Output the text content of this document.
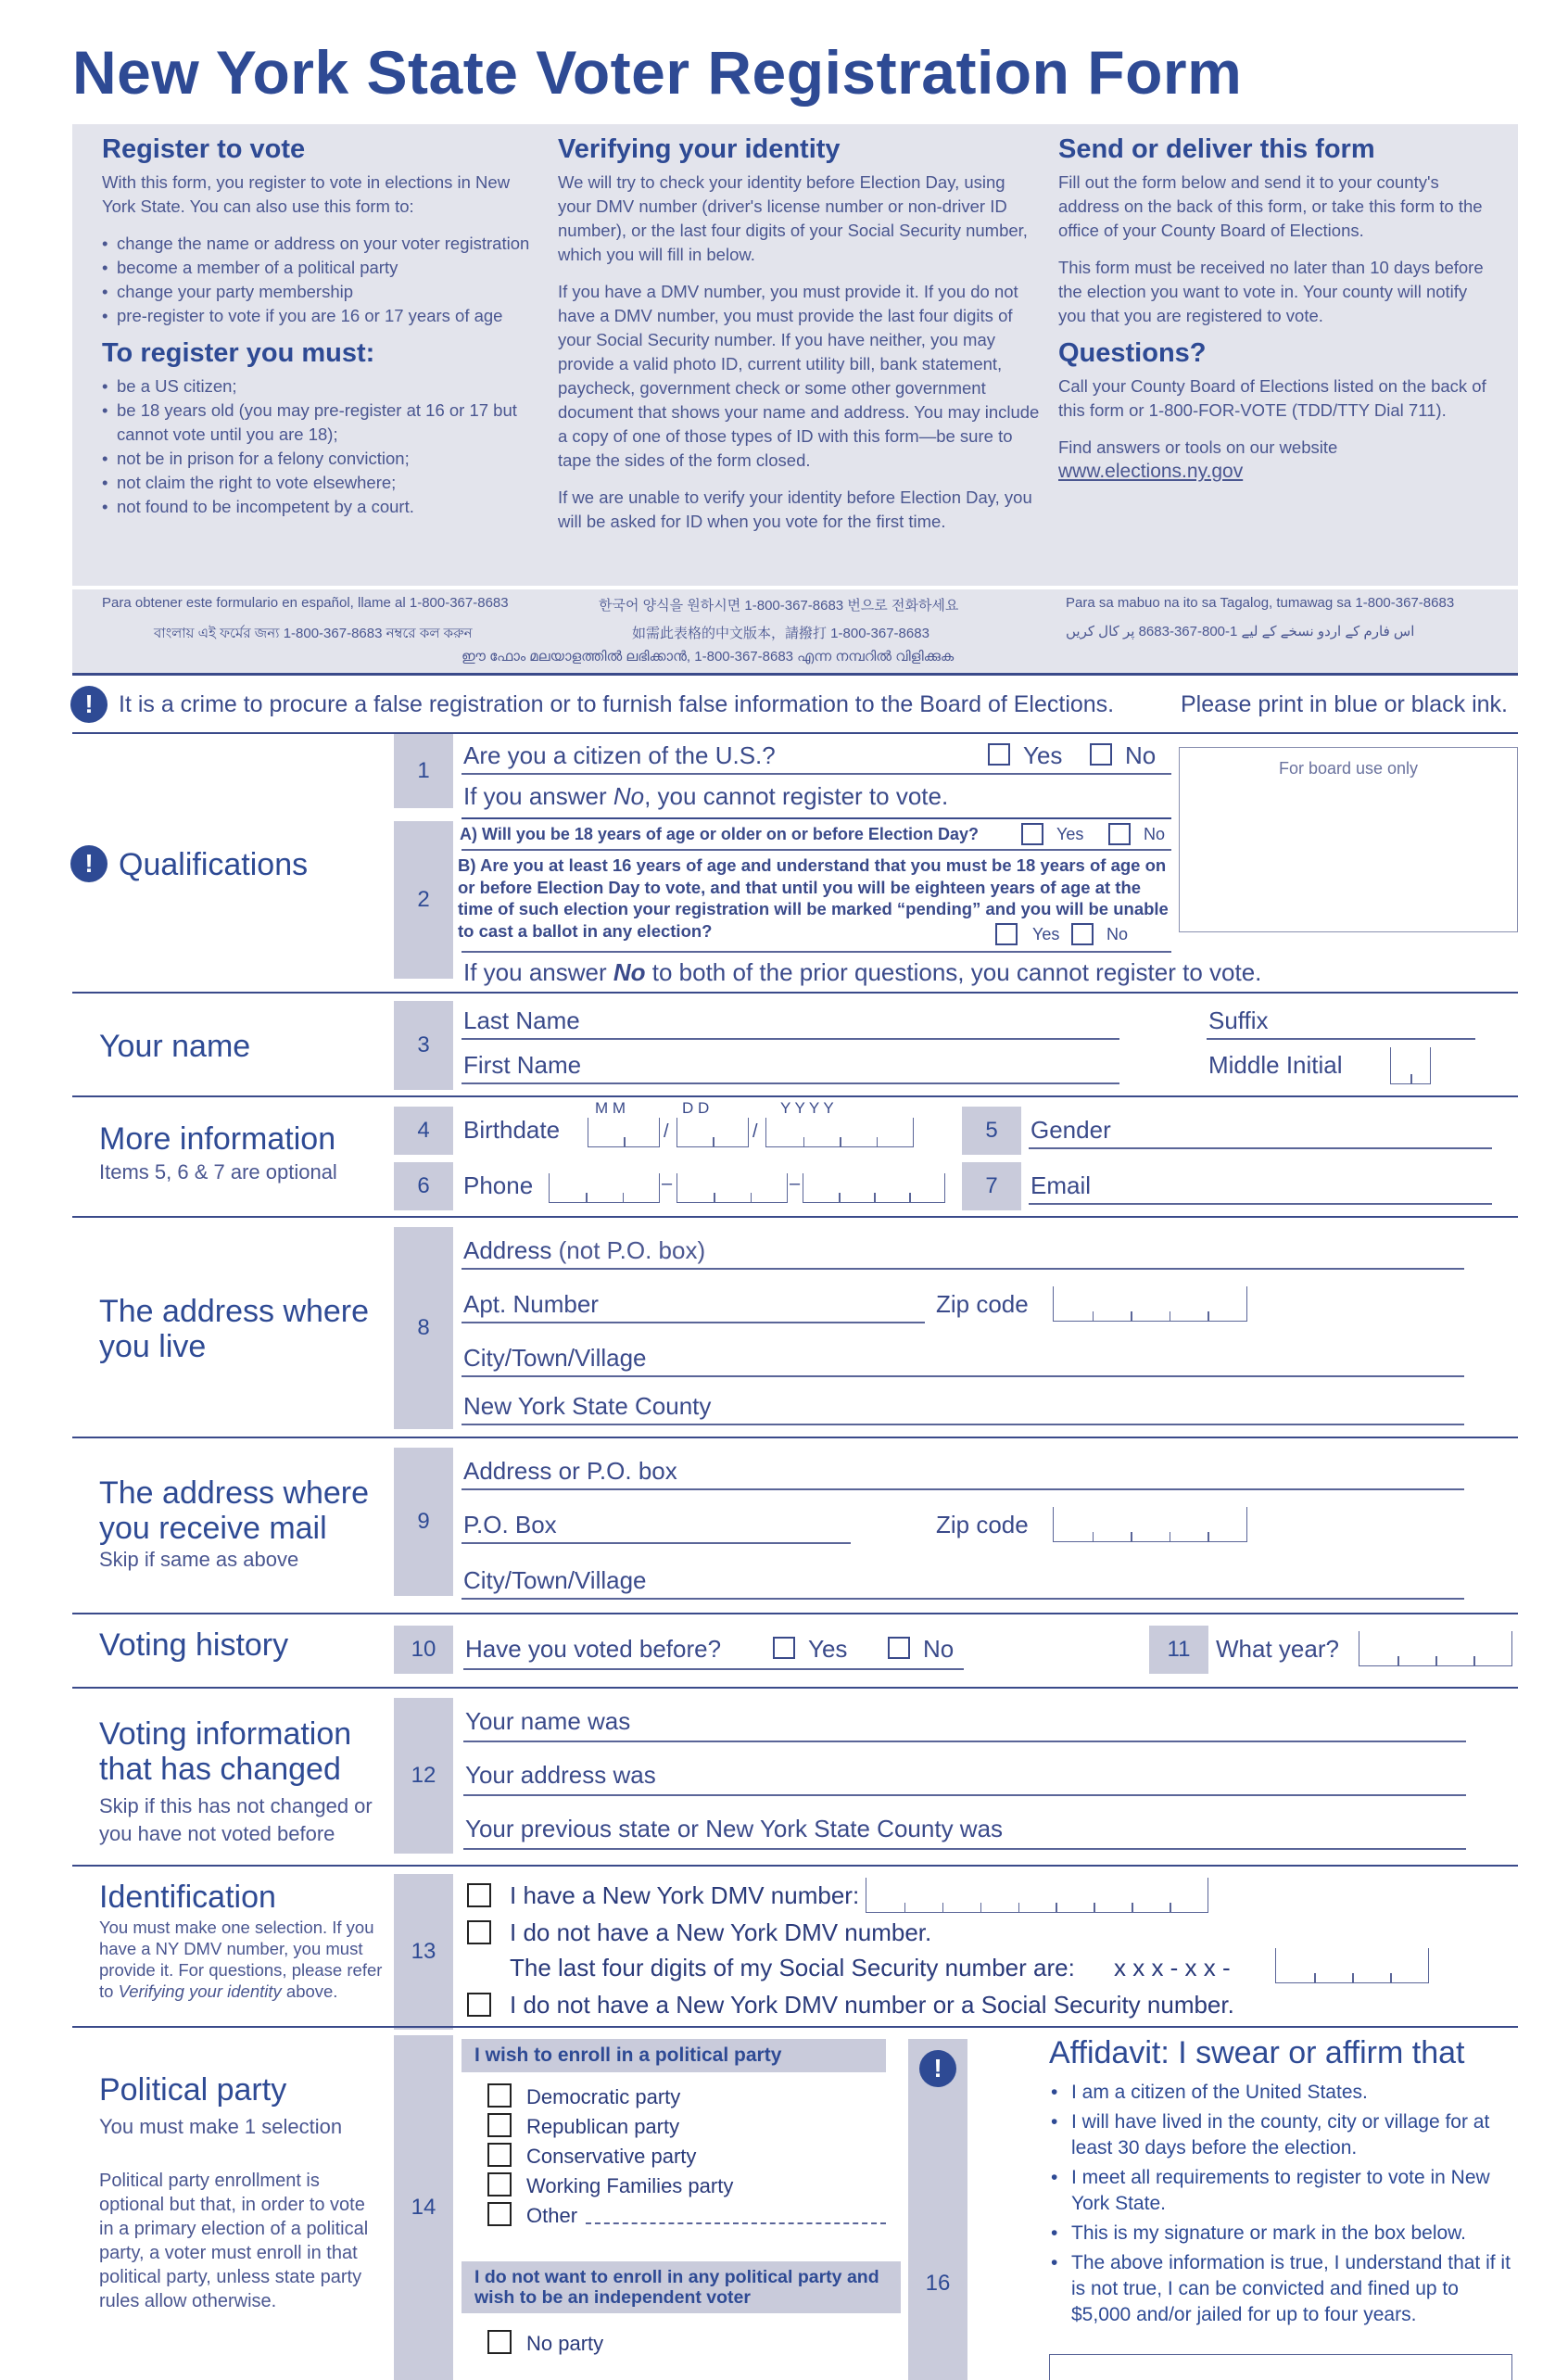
New York State Voter Registration Form
Register to vote

With this form, you register to vote in elections in New York State. You can also use this form to:

• change the name or address on your voter registration
• become a member of a political party
• change your party membership
• pre-register to vote if you are 16 or 17 years of age
To register you must:
• be a US citizen;
• be 18 years old (you may pre-register at 16 or 17 but cannot vote until you are 18);
• not be in prison for a felony conviction;
• not claim the right to vote elsewhere;
• not found to be incompetent by a court.
Verifying your identity

We will try to check your identity before Election Day, using your DMV number (driver's license number or non-driver ID number), or the last four digits of your Social Security number, which you will fill in below.

If you have a DMV number, you must provide it. If you do not have a DMV number, you must provide the last four digits of your Social Security number. If you have neither, you may provide a valid photo ID, current utility bill, bank statement, paycheck, government check or some other government document that shows your name and address. You may include a copy of one of those types of ID with this form—be sure to tape the sides of the form closed.

If we are unable to verify your identity before Election Day, you will be asked for ID when you vote for the first time.

Send or deliver this form

Fill out the form below and send it to your county's address on the back of this form, or take this form to the office of your County Board of Elections.

This form must be received no later than 10 days before the election you want to vote in. Your county will notify you that you are registered to vote.

Questions?

Call your County Board of Elections listed on the back of this form or 1-800-FOR-VOTE (TDD/TTY Dial 711).

Find answers or tools on our website

www.elections.ny.gov
Para obtener este formulario en español, llame al 1-800-367-8683	한국어 양식을 원하시면 1-800-367-8683 번으로 전화하세요	Para sa mabuo na ito sa Tagalog, tumawag sa 1-800-367-8683
বাংলায় এই ফর্মের জন্য 1-800-367-8683 নম্বরে কল করুন	如需此表格的中文版本，請撥打 1-800-367-8683	اس فارم کے اردو نسخے کے لیے 1-800-367-8683 پر کال کریں
ഈ ഫോം മലയാളത്തിൽ ലഭിക്കാൻ, 1-800-367-8683 എന്ന നമ്പറിൽ വിളിക്കുക
!	It is a crime to procure a false registration or to furnish false information to the Board of Elections.	Please print in blue or black ink.
! Qualifications
1
Are you a citizen of the U.S.?	Yes	No
If you answer No, you cannot register to vote.
For board use only
2
A) Will you be 18 years of age or older on or before Election Day?	Yes	No
B) Are you at least 16 years of age and understand that you must be 18 years of age on or before Election Day to vote, and that until you will be eighteen years of age at the time of such election your registration will be marked “pending” and you will be unable to cast a ballot in any election?	Yes	No
If you answer No to both of the prior questions, you cannot register to vote.
Your name	3
Last Name	Suffix
First Name	Middle Initial
More information
Items 5, 6 & 7 are optional
4	Birthdate
M M	D D	Y Y Y Y
/	/	5	Gender
6	Phone	–	–	7	Email
The address where you live
8
Address (not P.O. box)
Apt. Number	Zip code
City/Town/Village
New York State County
The address where you receive mail
Skip if same as above
9
Address or P.O. box
P.O. Box	Zip code
City/Town/Village
Voting history	10	Have you voted before?	Yes	No	11	What year?
Voting information that has changed
Skip if this has not changed or you have not voted before
12
Your name was
Your address was
Your previous state or New York State County was
Identification
You must make one selection. If you have a NY DMV number, you must provide it. For questions, please refer to Verifying your identity above.
13
I have a New York DMV number:
I do not have a New York DMV number.
The last four digits of my Social Security number are: x x x - x x -
I do not have a New York DMV number or a Social Security number.
Political party
You must make 1 selection
Political party enrollment is optional but that, in order to vote in a primary election of a political party, a voter must enroll in that political party, unless state party rules allow otherwise.
14
I wish to enroll in a political party
Democratic party
Republican party
Conservative party
Working Families party
Other
I do not want to enroll in any political party and wish to be an independent voter
No party
!
16
Affidavit: I swear or affirm that
• I am a citizen of the United States.
• I will have lived in the county, city or village for at least 30 days before the election.
• I meet all requirements to register to vote in New York State.
• This is my signature or mark in the box below.
• The above information is true, I understand that if it is not true, I can be convicted and fined up to $5,000 and/or jailed for up to four years.
